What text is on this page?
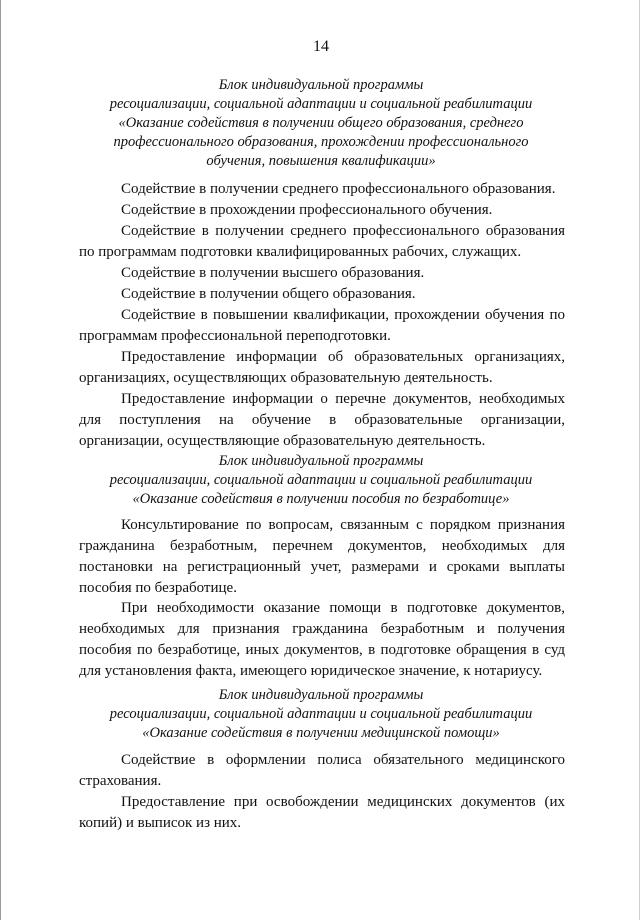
14
Блок индивидуальной программы
ресоциализации, социальной адаптации и социальной реабилитации
«Оказание содействия в получении общего образования, среднего
профессионального образования, прохождении профессионального
обучения, повышения квалификации»

Содействие в получении среднего профессионального образования.

Содействие в прохождении профессионального обучения.

Содействие в получении среднего профессионального образования по программам подготовки квалифицированных рабочих, служащих.

Содействие в получении высшего образования.

Содействие в получении общего образования.

Содействие в повышении квалификации, прохождении обучения по программам профессиональной переподготовки.

Предоставление информации об образовательных организациях, организациях, осуществляющих образовательную деятельность.

Предоставление информации о перечне документов, необходимых для поступления на обучение в образовательные организации, организации, осуществляющие образовательную деятельность.

Блок индивидуальной программы
ресоциализации, социальной адаптации и социальной реабилитации
«Оказание содействия в получении пособия по безработице»

Консультирование по вопросам, связанным с порядком признания гражданина безработным, перечнем документов, необходимых для постановки на регистрационный учет, размерами и сроками выплаты пособия по безработице.

При необходимости оказание помощи в подготовке документов, необходимых для признания гражданина безработным и получения пособия по безработице, иных документов, в подготовке обращения в суд для установления факта, имеющего юридическое значение, к нотариусу.

Блок индивидуальной программы
ресоциализации, социальной адаптации и социальной реабилитации
«Оказание содействия в получении медицинской помощи»

Содействие в оформлении полиса обязательного медицинского страхования.

Предоставление при освобождении медицинских документов (их копий) и выписок из них.
